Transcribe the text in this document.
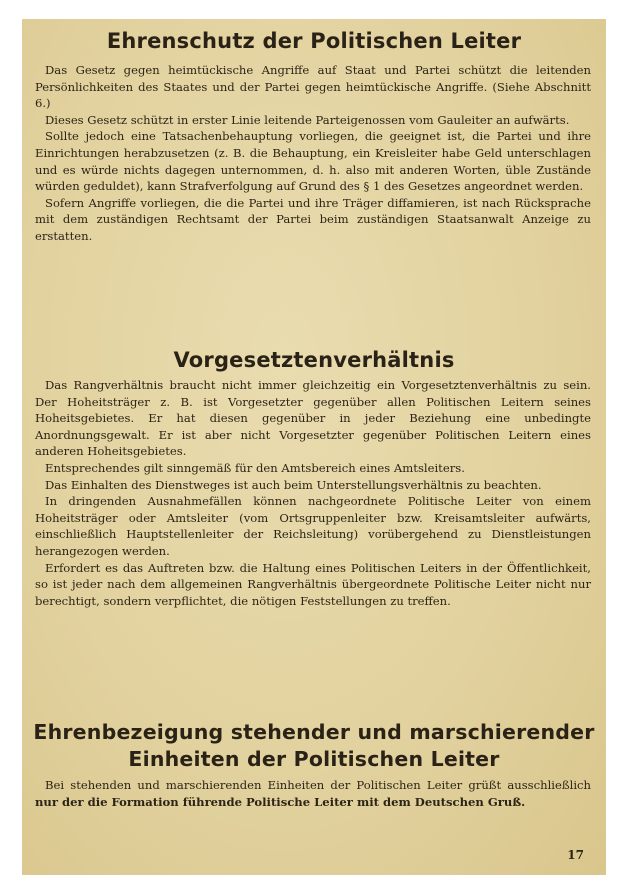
Ehrenschutz der Politischen Leiter

Das Gesetz gegen heimtückische Angriffe auf Staat und Partei schützt die leitenden Persönlichkeiten des Staates und der Partei gegen heimtückische Angriffe. (Siehe Abschnitt 6.)

Dieses Gesetz schützt in erster Linie leitende Parteigenossen vom Gauleiter an aufwärts.

Sollte jedoch eine Tatsachenbehauptung vorliegen, die geeignet ist, die Partei und ihre Einrichtungen herabzusetzen (z. B. die Behauptung, ein Kreisleiter habe Geld unterschlagen und es würde nichts dagegen unternommen, d. h. also mit anderen Worten, üble Zustände würden geduldet), kann Strafverfolgung auf Grund des § 1 des Gesetzes angeordnet werden.

Sofern Angriffe vorliegen, die die Partei und ihre Träger diffamieren, ist nach Rücksprache mit dem zuständigen Rechtsamt der Partei beim zuständigen Staatsanwalt Anzeige zu erstatten.

Vorgesetztenverhältnis

Das Rangverhältnis braucht nicht immer gleichzeitig ein Vorgesetztenverhältnis zu sein. Der Hoheitsträger z. B. ist Vorgesetzter gegenüber allen Politischen Leitern seines Hoheitsgebietes. Er hat diesen gegenüber in jeder Beziehung eine unbedingte Anordnungsgewalt. Er ist aber nicht Vorgesetzter gegenüber Politischen Leitern eines anderen Hoheitsgebietes.

Entsprechendes gilt sinngemäß für den Amtsbereich eines Amtsleiters.

Das Einhalten des Dienstweges ist auch beim Unterstellungsverhältnis zu beachten.

In dringenden Ausnahmefällen können nachgeordnete Politische Leiter von einem Hoheitsträger oder Amtsleiter (vom Ortsgruppenleiter bzw. Kreisamtsleiter aufwärts, einschließlich Hauptstellenleiter der Reichsleitung) vorübergehend zu Dienstleistungen herangezogen werden.

Erfordert es das Auftreten bzw. die Haltung eines Politischen Leiters in der Öffentlichkeit, so ist jeder nach dem allgemeinen Rangverhältnis übergeordnete Politische Leiter nicht nur berechtigt, sondern verpflichtet, die nötigen Feststellungen zu treffen.

Ehrenbezeigung stehender und marschierender
Einheiten der Politischen Leiter

Bei stehenden und marschierenden Einheiten der Politischen Leiter grüßt ausschließlich nur der die Formation führende Politische Leiter mit dem Deutschen Gruß.

17
